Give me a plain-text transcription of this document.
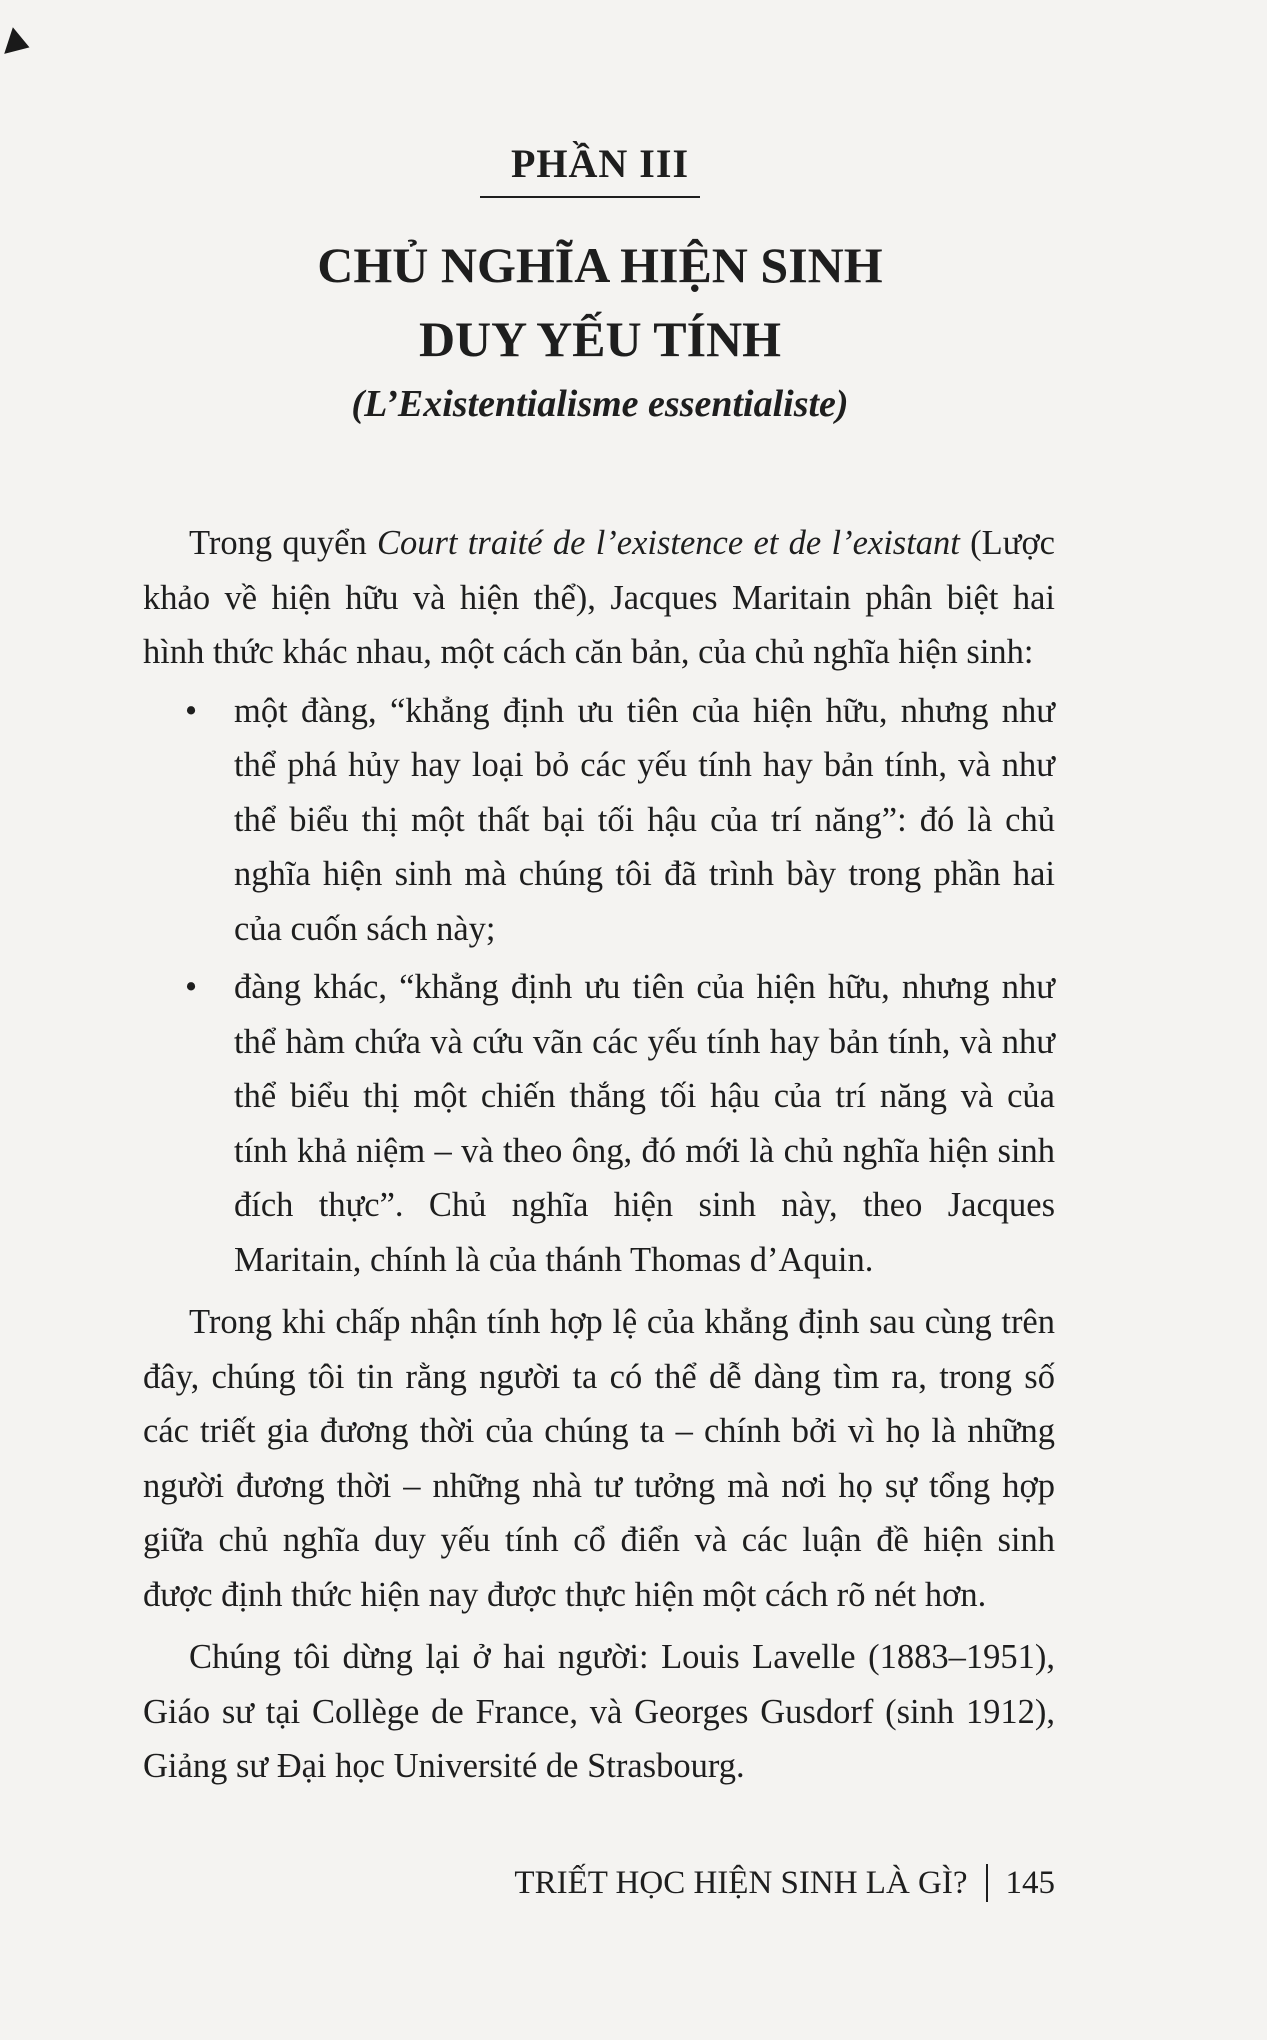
PHẦN III
CHỦ NGHĨA HIỆN SINH
DUY YẾU TÍNH
(L’Existentialisme essentialiste)

Trong quyển Court traité de l’existence et de l’existant (Lược khảo về hiện hữu và hiện thể), Jacques Maritain phân biệt hai hình thức khác nhau, một cách căn bản, của chủ nghĩa hiện sinh:

• một đàng, “khẳng định ưu tiên của hiện hữu, nhưng như thể phá hủy hay loại bỏ các yếu tính hay bản tính, và như thể biểu thị một thất bại tối hậu của trí năng”: đó là chủ nghĩa hiện sinh mà chúng tôi đã trình bày trong phần hai của cuốn sách này;
• đàng khác, “khẳng định ưu tiên của hiện hữu, nhưng như thể hàm chứa và cứu vãn các yếu tính hay bản tính, và như thể biểu thị một chiến thắng tối hậu của trí năng và của tính khả niệm – và theo ông, đó mới là chủ nghĩa hiện sinh đích thực”. Chủ nghĩa hiện sinh này, theo Jacques Maritain, chính là của thánh Thomas d’Aquin.

Trong khi chấp nhận tính hợp lệ của khẳng định sau cùng trên đây, chúng tôi tin rằng người ta có thể dễ dàng tìm ra, trong số các triết gia đương thời của chúng ta – chính bởi vì họ là những người đương thời – những nhà tư tưởng mà nơi họ sự tổng hợp giữa chủ nghĩa duy yếu tính cổ điển và các luận đề hiện sinh được định thức hiện nay được thực hiện một cách rõ nét hơn.

Chúng tôi dừng lại ở hai người: Louis Lavelle (1883–1951), Giáo sư tại Collège de France, và Georges Gusdorf (sinh 1912), Giảng sư Đại học Université de Strasbourg.

TRIẾT HỌC HIỆN SINH LÀ GÌ? 145
